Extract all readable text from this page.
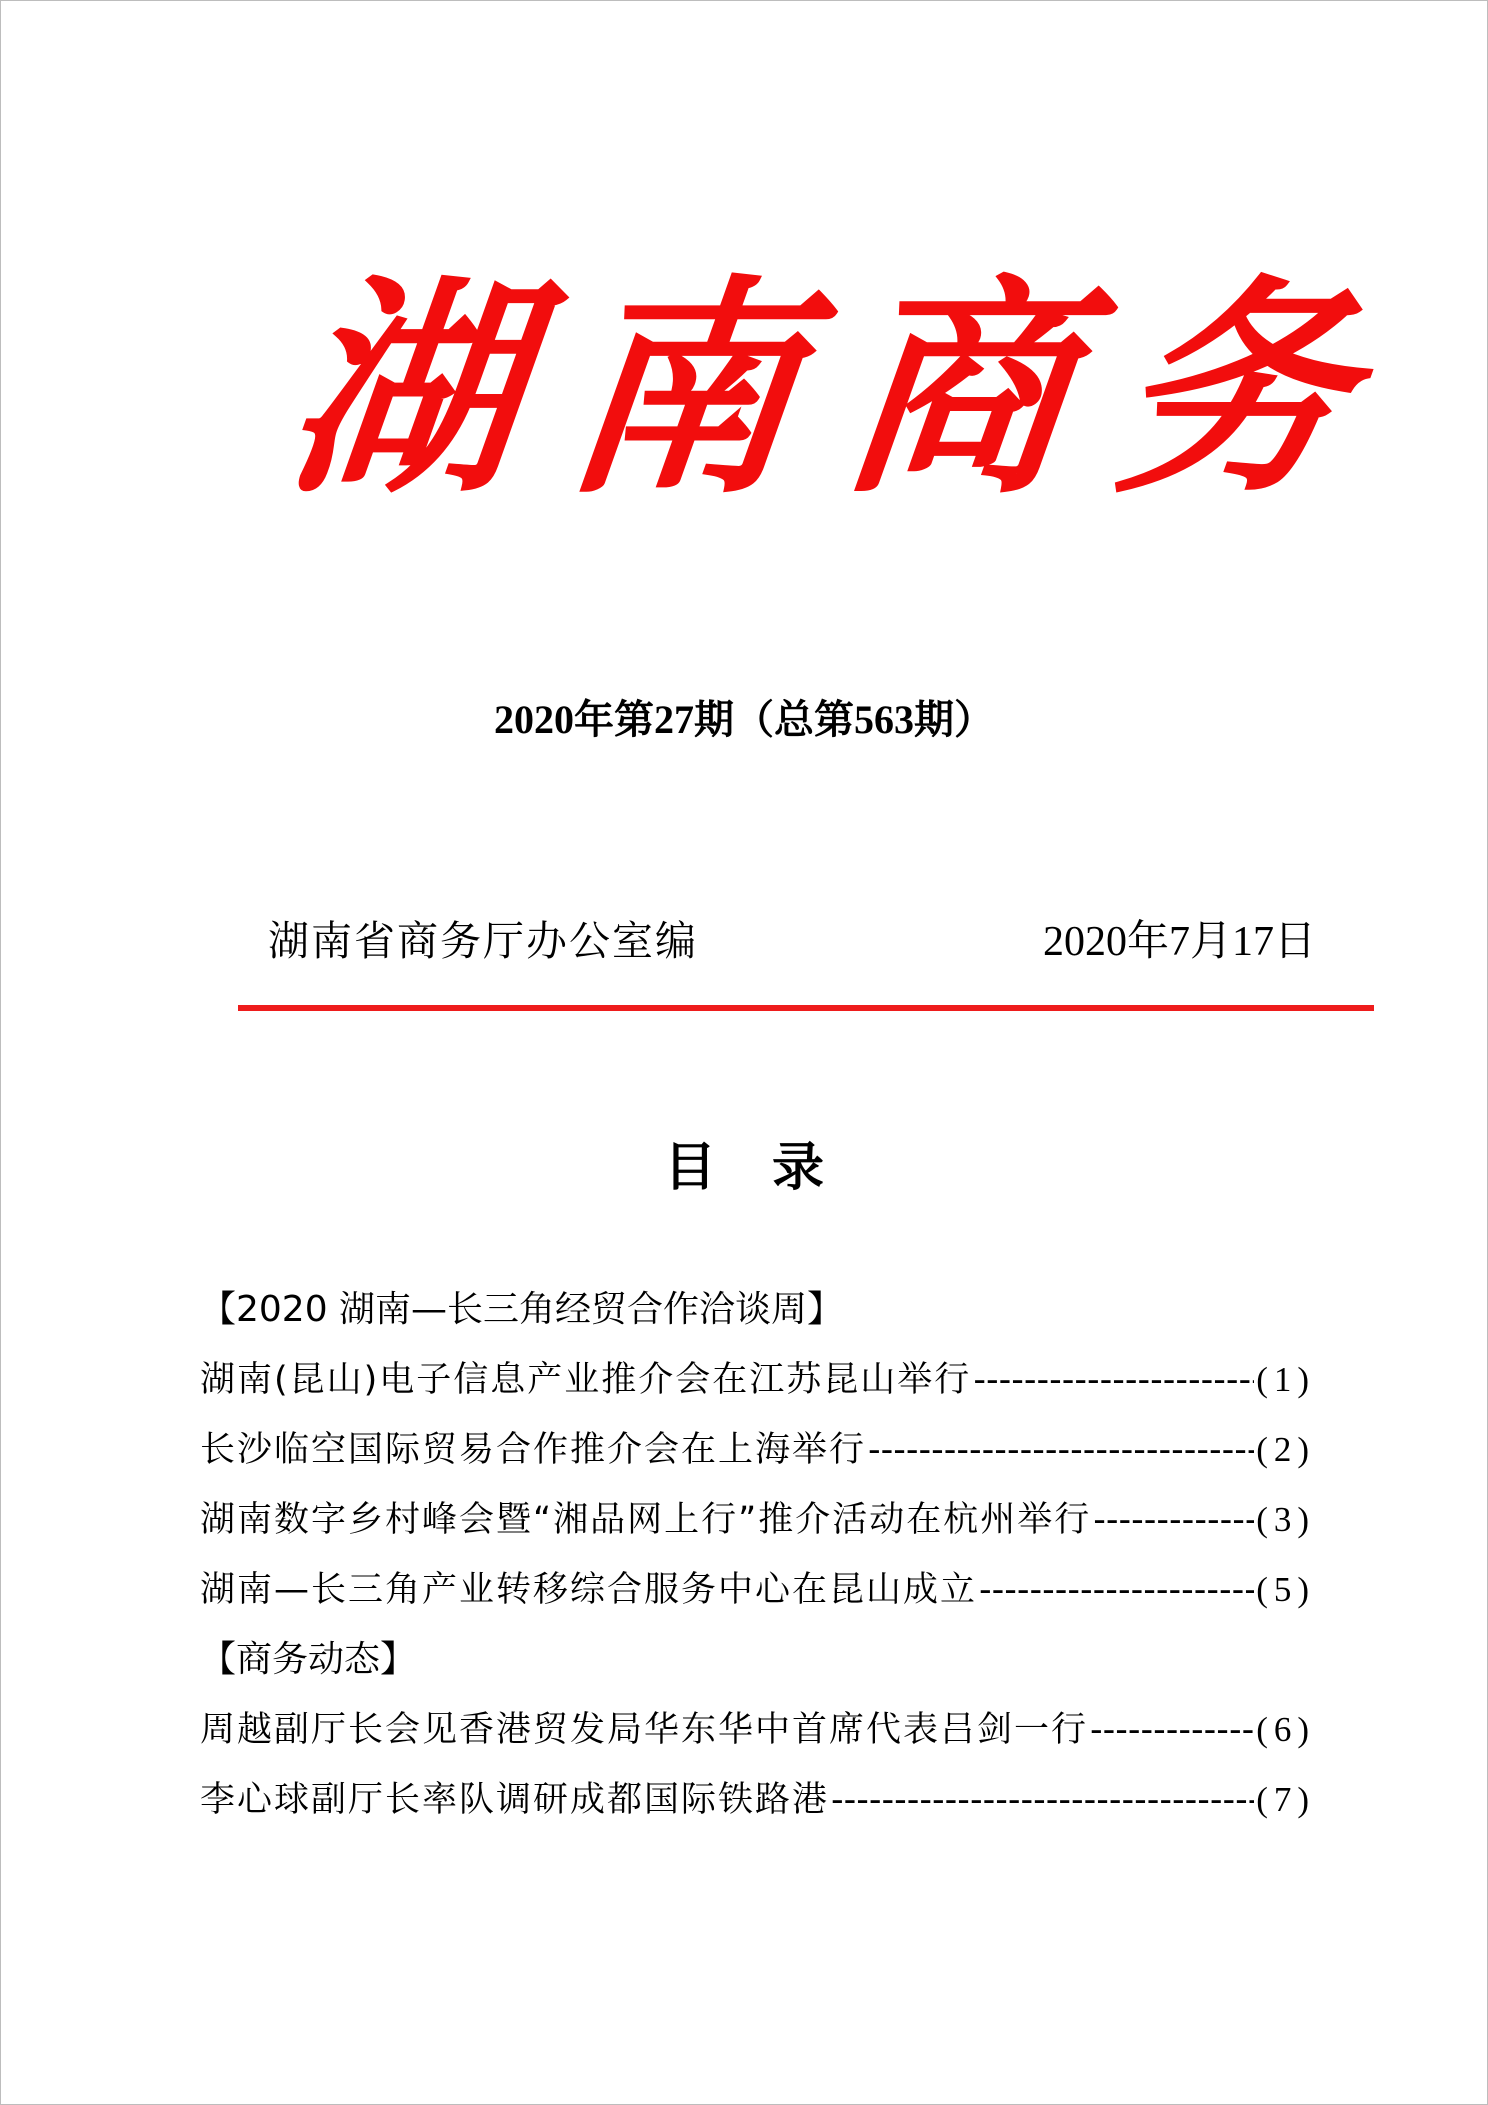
湖 南 商 务
2020年第27期（总第563期）
湖南省商务厅办公室编	2020年7月17日
目录
【2020 湖南—长三角经贸合作洽谈周】
湖南(昆山)电子信息产业推介会在江苏昆山举行 -----	(1)
长沙临空国际贸易合作推介会在上海举行 -----	(2)
湖南数字乡村峰会暨“湘品网上行”推介活动在杭州举行 -----	(3)
湖南—长三角产业转移综合服务中心在昆山成立 -----	(5)
【商务动态】
周越副厅长会见香港贸发局华东华中首席代表吕剑一行 -----	(6)
李心球副厅长率队调研成都国际铁路港 -----	(7)
